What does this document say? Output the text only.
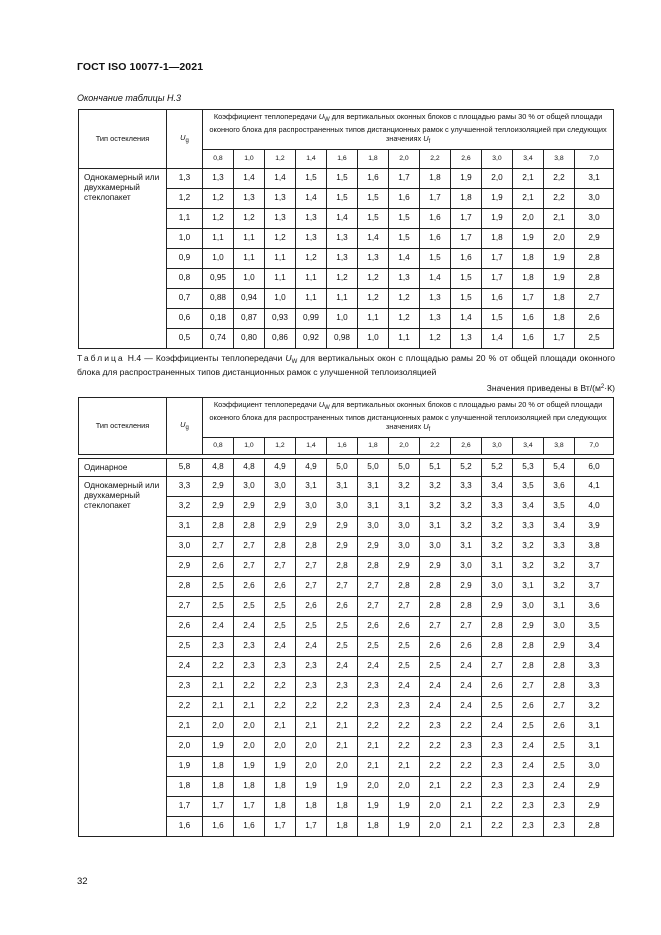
ГОСТ ISO 10077-1—2021
Окончание таблицы Н.3
Тип остекления	$U_g$	Коэффициент теплопередачи $U_W$ для вертикальных оконных блоков с площадью рамы 30 % от общей площади оконного блока для распространенных типов дистанционных рамок с улучшенной теплоизоляцией при следующих значениях $U_f$
		0,8	1,0	1,2	1,4	1,6	1,8	2,0	2,2	2,6	3,0	3,4	3,8	7,0
Однокамерный или двухкамерный стеклопакет	1,3	1,3	1,4	1,4	1,5	1,5	1,6	1,7	1,8	1,9	2,0	2,1	2,2	3,1
	1,2	1,2	1,3	1,3	1,4	1,5	1,5	1,6	1,7	1,8	1,9	2,1	2,2	3,0
	1,1	1,2	1,2	1,3	1,3	1,4	1,5	1,5	1,6	1,7	1,9	2,0	2,1	3,0
	1,0	1,1	1,1	1,2	1,3	1,3	1,4	1,5	1,6	1,7	1,8	1,9	2,0	2,9
	0,9	1,0	1,1	1,1	1,2	1,3	1,3	1,4	1,5	1,6	1,7	1,8	1,9	2,8
	0,8	0,95	1,0	1,1	1,1	1,2	1,2	1,3	1,4	1,5	1,7	1,8	1,9	2,8
	0,7	0,88	0,94	1,0	1,1	1,1	1,2	1,2	1,3	1,5	1,6	1,7	1,8	2,7
	0,6	0,18	0,87	0,93	0,99	1,0	1,1	1,2	1,3	1,4	1,5	1,6	1,8	2,6
	0,5	0,74	0,80	0,86	0,92	0,98	1,0	1,1	1,2	1,3	1,4	1,6	1,7	2,5
Таблица Н.4 — Коэффициенты теплопередачи $U_W$ для вертикальных окон с площадью рамы 20 % от общей площади оконного блока для распространенных типов дистанционных рамок с улучшенной теплоизоляцией
Значения приведены в $Вт/(м^2\cdot К)$
Тип остекления	$U_g$	Коэффициент теплопередачи $U_W$ для вертикальных оконных блоков с площадью рамы 20 % от общей площади оконного блока для распространенных типов дистанционных рамок с улучшенной теплоизоляцией при следующих значениях $U_f$
		0,8	1,0	1,2	1,4	1,6	1,8	2,0	2,2	2,6	3,0	3,4	3,8	7,0

Одинарное	5,8	4,8	4,8	4,9	4,9	5,0	5,0	5,0	5,1	5,2	5,2	5,3	5,4	6,0
Однокамерный или двухкамерный стеклопакет	3,3	2,9	3,0	3,0	3,1	3,1	3,1	3,2	3,2	3,3	3,4	3,5	3,6	4,1
	3,2	2,9	2,9	2,9	3,0	3,0	3,1	3,1	3,2	3,2	3,3	3,4	3,5	4,0
	3,1	2,8	2,8	2,9	2,9	2,9	3,0	3,0	3,1	3,2	3,2	3,3	3,4	3,9
	3,0	2,7	2,7	2,8	2,8	2,9	2,9	3,0	3,0	3,1	3,2	3,2	3,3	3,8
	2,9	2,6	2,7	2,7	2,7	2,8	2,8	2,9	2,9	3,0	3,1	3,2	3,2	3,7
	2,8	2,5	2,6	2,6	2,7	2,7	2,7	2,8	2,8	2,9	3,0	3,1	3,2	3,7
	2,7	2,5	2,5	2,5	2,6	2,6	2,7	2,7	2,8	2,8	2,9	3,0	3,1	3,6
	2,6	2,4	2,4	2,5	2,5	2,5	2,6	2,6	2,7	2,7	2,8	2,9	3,0	3,5
	2,5	2,3	2,3	2,4	2,4	2,5	2,5	2,5	2,6	2,6	2,8	2,8	2,9	3,4
	2,4	2,2	2,3	2,3	2,3	2,4	2,4	2,5	2,5	2,4	2,7	2,8	2,8	3,3
	2,3	2,1	2,2	2,2	2,3	2,3	2,3	2,4	2,4	2,4	2,6	2,7	2,8	3,3
	2,2	2,1	2,1	2,2	2,2	2,2	2,3	2,3	2,4	2,4	2,5	2,6	2,7	3,2
	2,1	2,0	2,0	2,1	2,1	2,1	2,2	2,2	2,3	2,2	2,4	2,5	2,6	3,1
	2,0	1,9	2,0	2,0	2,0	2,1	2,1	2,2	2,2	2,3	2,3	2,4	2,5	3,1
	1,9	1,8	1,9	1,9	2,0	2,0	2,1	2,1	2,2	2,2	2,3	2,4	2,5	3,0
	1,8	1,8	1,8	1,8	1,9	1,9	2,0	2,0	2,1	2,2	2,3	2,3	2,4	2,9
	1,7	1,7	1,7	1,8	1,8	1,8	1,9	1,9	2,0	2,1	2,2	2,3	2,3	2,9
	1,6	1,6	1,6	1,7	1,7	1,8	1,8	1,9	2,0	2,1	2,2	2,3	2,3	2,8
32
